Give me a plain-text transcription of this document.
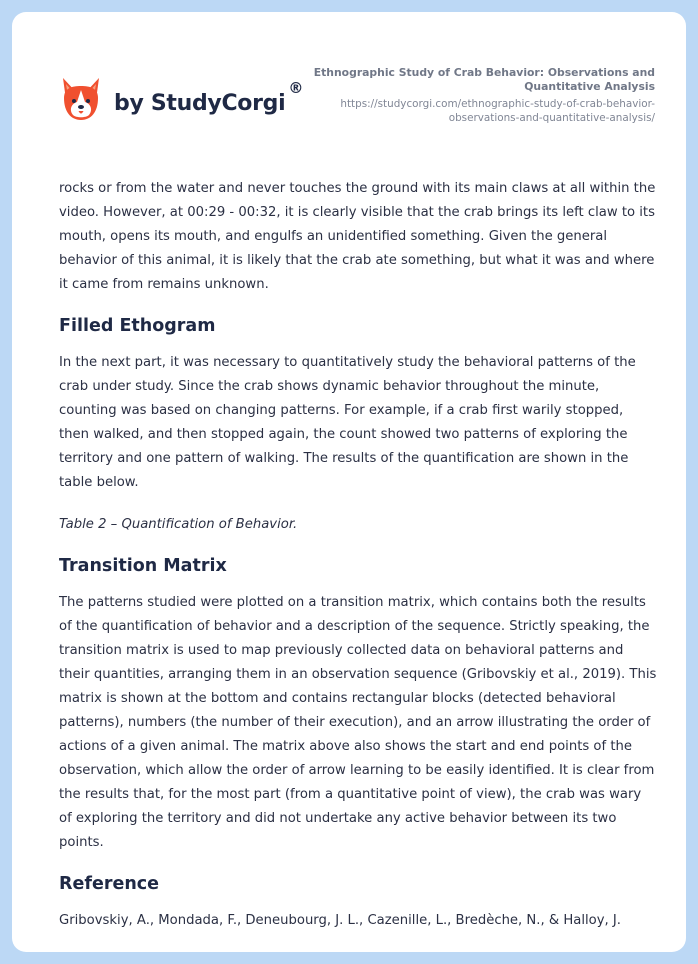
by StudyCorgi
®
Ethnographic Study of Crab Behavior: Observations and Quantitative Analysis
https://studycorgi.com/ethnographic-study-of-crab-behavior-observations-and-quantitative-analysis/

rocks or from the water and never touches the ground with its main claws at all within the video. However, at 00:29 - 00:32, it is clearly visible that the crab brings its left claw to its mouth, opens its mouth, and engulfs an unidentified something. Given the general behavior of this animal, it is likely that the crab ate something, but what it was and where it came from remains unknown.

Filled Ethogram

In the next part, it was necessary to quantitatively study the behavioral patterns of the crab under study. Since the crab shows dynamic behavior throughout the minute, counting was based on changing patterns. For example, if a crab first warily stopped, then walked, and then stopped again, the count showed two patterns of exploring the territory and one pattern of walking. The results of the quantification are shown in the table below.

Table 2 – Quantification of Behavior.

Transition Matrix

The patterns studied were plotted on a transition matrix, which contains both the results of the quantification of behavior and a description of the sequence. Strictly speaking, the transition matrix is used to map previously collected data on behavioral patterns and their quantities, arranging them in an observation sequence (Gribovskiy et al., 2019). This matrix is shown at the bottom and contains rectangular blocks (detected behavioral patterns), numbers (the number of their execution), and an arrow illustrating the order of actions of a given animal. The matrix above also shows the start and end points of the observation, which allow the order of arrow learning to be easily identified. It is clear from the results that, for the most part (from a quantitative point of view), the crab was wary of exploring the territory and did not undertake any active behavior between its two points.

Reference

Gribovskiy, A., Mondada, F., Deneubourg, J. L., Cazenille, L., Bredèche, N., & Halloy, J.
